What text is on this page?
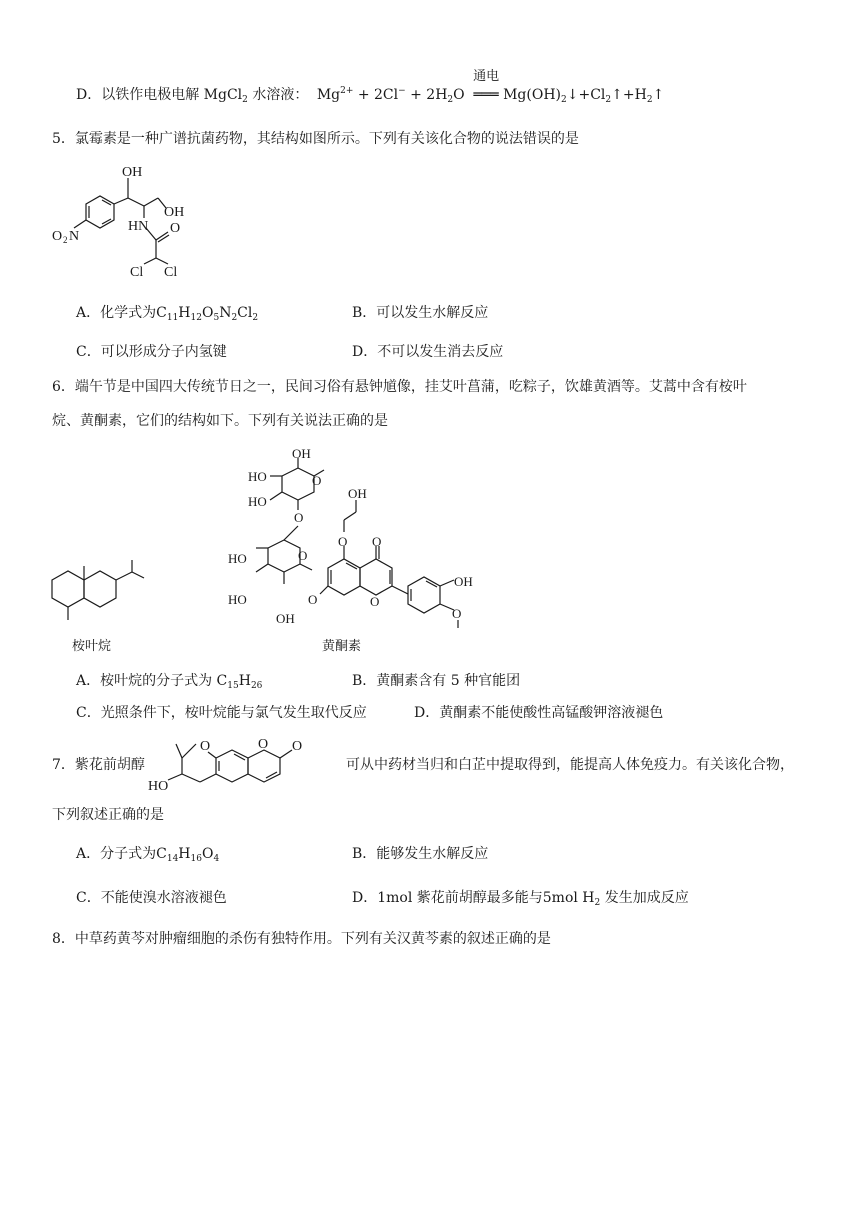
D．以铁作电极电解 MgCl$_2$ 水溶液： $Mg^{2+} + 2Cl^- + 2H_2O$
通电
═══ $Mg(OH)_2↓+Cl_2↑+H_2↑$
5．氯霉素是一种广谱抗菌药物，其结构如图所示。下列有关该化合物的说法错误的是
OH
OH
O 2 N
HN O
Cl Cl
A．化学式为$C_{11}H_{12}O_5N_2Cl_2$	B．可以发生水解反应
C．可以形成分子内氢键	D．不可以发生消去反应
6．端午节是中国四大传统节日之一，民间习俗有悬钟馗像，挂艾叶菖蒲，吃粽子，饮雄黄酒等。艾蒿中含有桉叶
烷、黄酮素，它们的结构如下。下列有关说法正确的是
桉叶烷
OH
HO
HO
O
O
HO
HO
OH
O
O
O
O
O
OH
OH
O
黄酮素
A．桉叶烷的分子式为 $C_{15}H_{26}$	B．黄酮素含有 5 种官能团
C．光照条件下，桉叶烷能与氯气发生取代反应	D．黄酮素不能使酸性高锰酸钾溶液褪色
7．紫花前胡醇
HO
O	O O
可从中药材当归和白芷中提取得到，能提高人体免疫力。有关该化合物，
下列叙述正确的是
A．分子式为$C_{14}H_{16}O_4$	B．能够发生水解反应
C．不能使溴水溶液褪色	D．1mol 紫花前胡醇最多能与5mol $H_2$ 发生加成反应
8．中草药黄芩对肿瘤细胞的杀伤有独特作用。下列有关汉黄芩素的叙述正确的是
